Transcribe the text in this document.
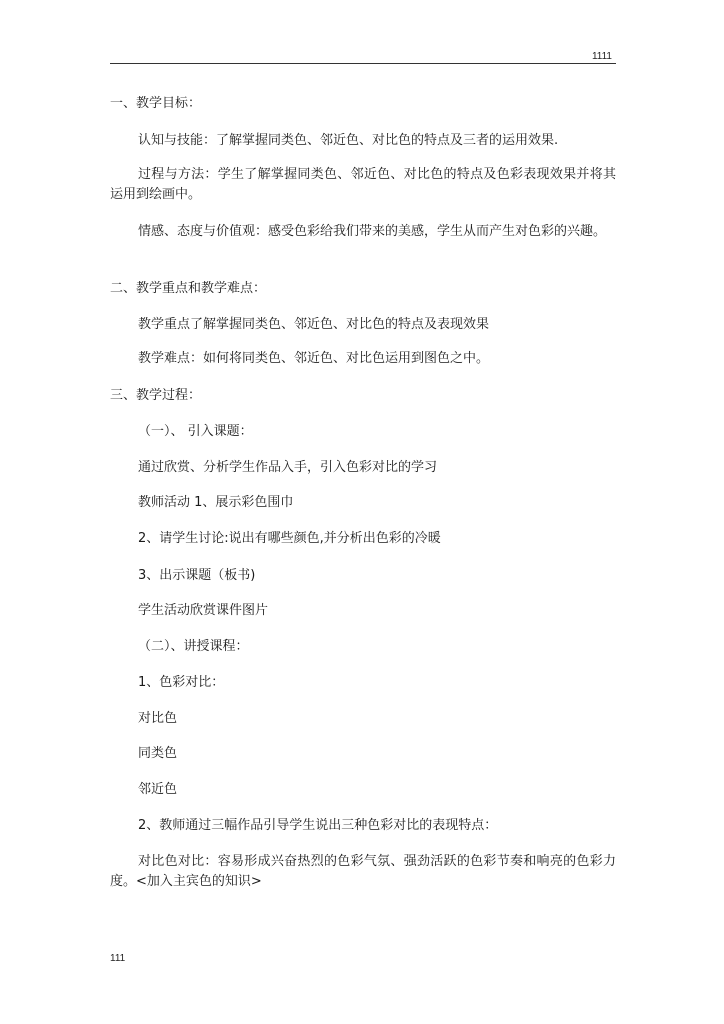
1111
一、教学目标：
认知与技能：了解掌握同类色、邻近色、对比色的特点及三者的运用效果.
过程与方法：学生了解掌握同类色、邻近色、对比色的特点及色彩表现效果并将其运用到绘画中。
情感、态度与价值观：感受色彩给我们带来的美感，学生从而产生对色彩的兴趣。
二、教学重点和教学难点：
教学重点了解掌握同类色、邻近色、对比色的特点及表现效果
教学难点：如何将同类色、邻近色、对比色运用到图色之中。
三、教学过程：
（一）、 引入课题：
通过欣赏、分析学生作品入手，引入色彩对比的学习
教师活动 1、展示彩色围巾
2、请学生讨论:说出有哪些颜色,并分析出色彩的冷暖
3、出示课题（板书)
学生活动欣赏课件图片
（二）、讲授课程：
1、色彩对比：
对比色
同类色
邻近色
2、教师通过三幅作品引导学生说出三种色彩对比的表现特点：
对比色对比：容易形成兴奋热烈的色彩气氛、强劲活跃的色彩节奏和响亮的色彩力度。<加入主宾色的知识>
111
